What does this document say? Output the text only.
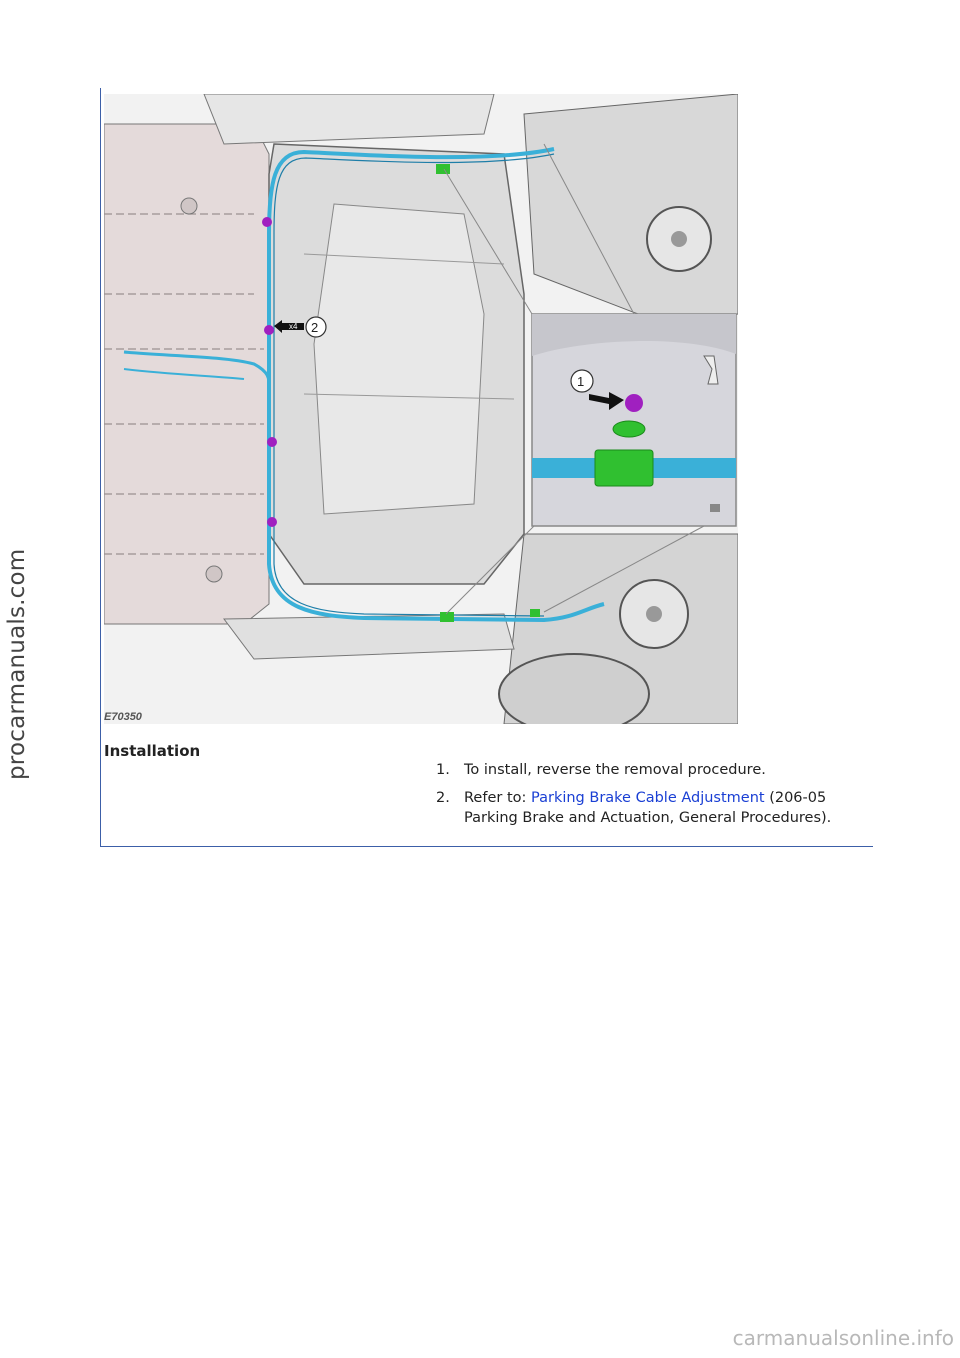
procarmanuals.com
x4 2
1
E70350
Installation
1. To install, reverse the removal procedure.
2. Refer to: Parking Brake Cable Adjustment (206-05 Parking Brake and Actuation, General Procedures).
carmanualsonline.info
